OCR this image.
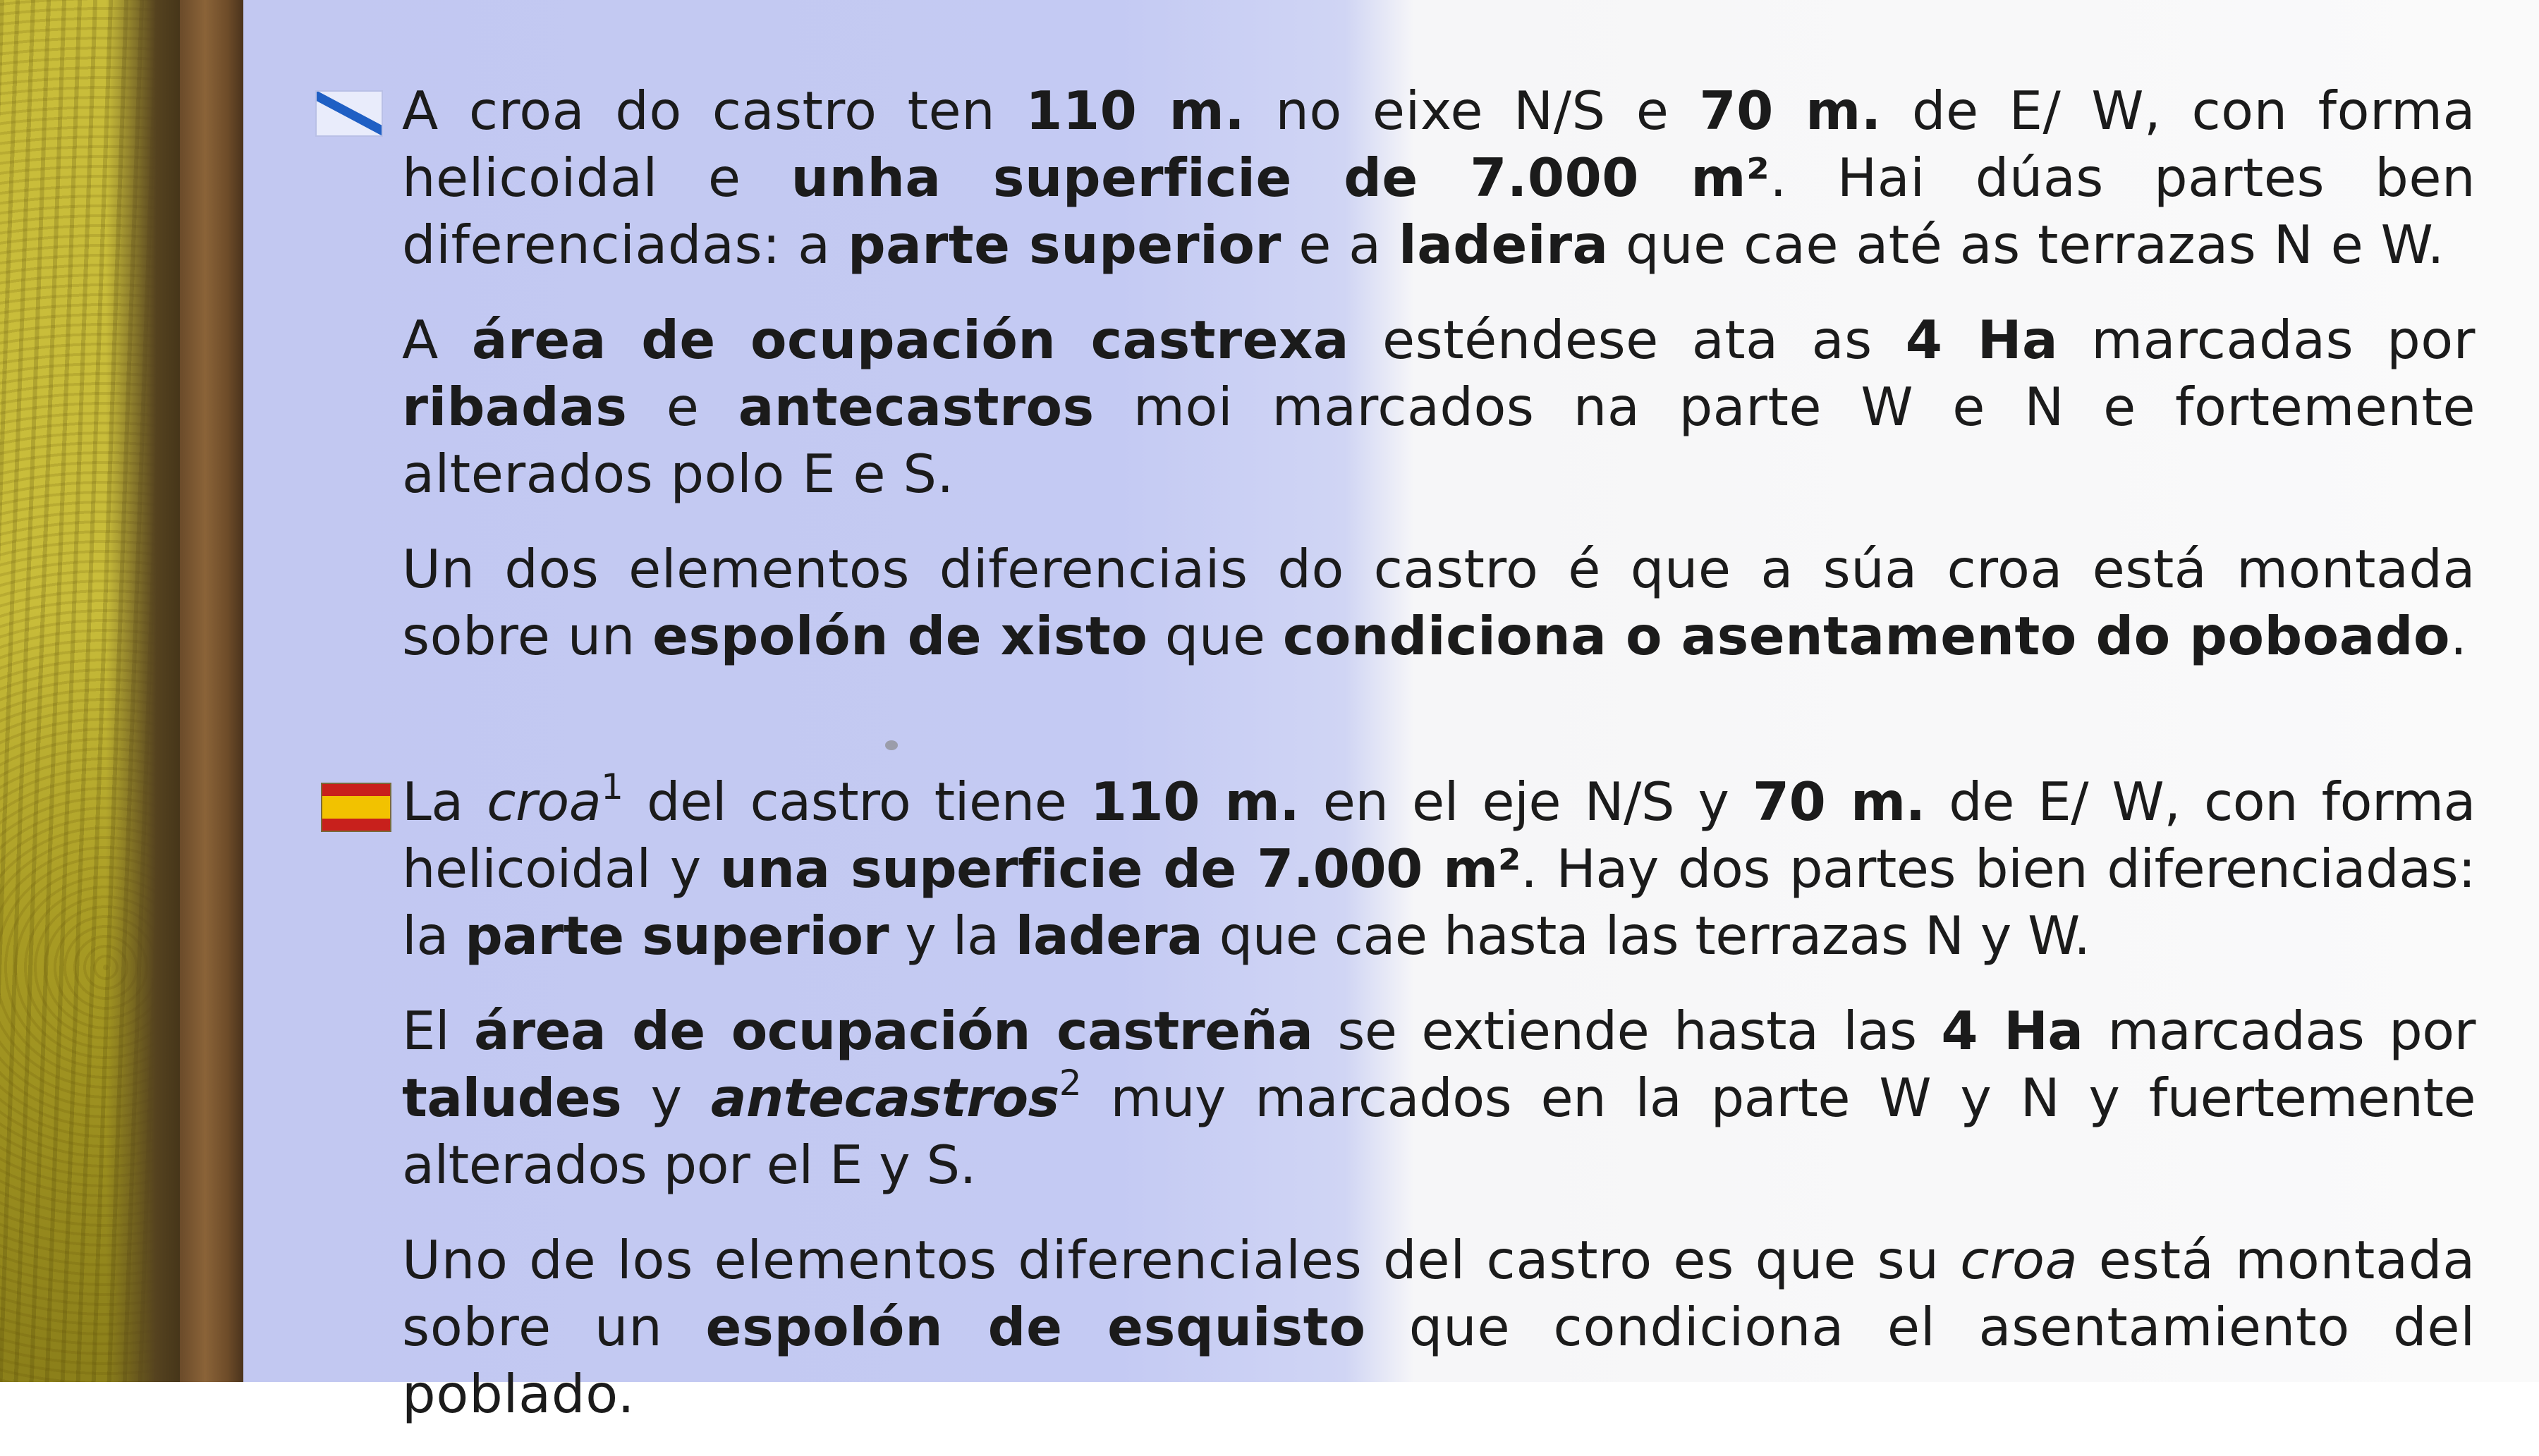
A croa do castro ten 110 m. no eixe N/S e 70 m. de E/ W, con forma helicoidal e unha superficie de 7.000 m². Hai dúas partes ben diferenciadas: a parte superior e a ladeira que cae até as terrazas N e W.

A área de ocupación castrexa esténdese ata as 4 Ha marcadas por ribadas e antecastros moi marcados na parte W e N e fortemente alterados polo E e S.

Un dos elementos diferenciais do castro é que a súa croa está montada sobre un espolón de xisto que condiciona o asentamento do poboado.

La croa$^1$ del castro tiene 110 m. en el eje N/S y 70 m. de E/ W, con forma helicoidal y una superficie de 7.000 m². Hay dos partes bien diferenciadas: la parte superior y la ladera que cae hasta las terrazas N y W.

El área de ocupación castreña se extiende hasta las 4 Ha marcadas por taludes y antecastros$^2$ muy marcados en la parte W y N y fuertemente alterados por el E y S.

Uno de los elementos diferenciales del castro es que su croa está montada sobre un espolón de esquisto que condiciona el asentamiento del poblado.
